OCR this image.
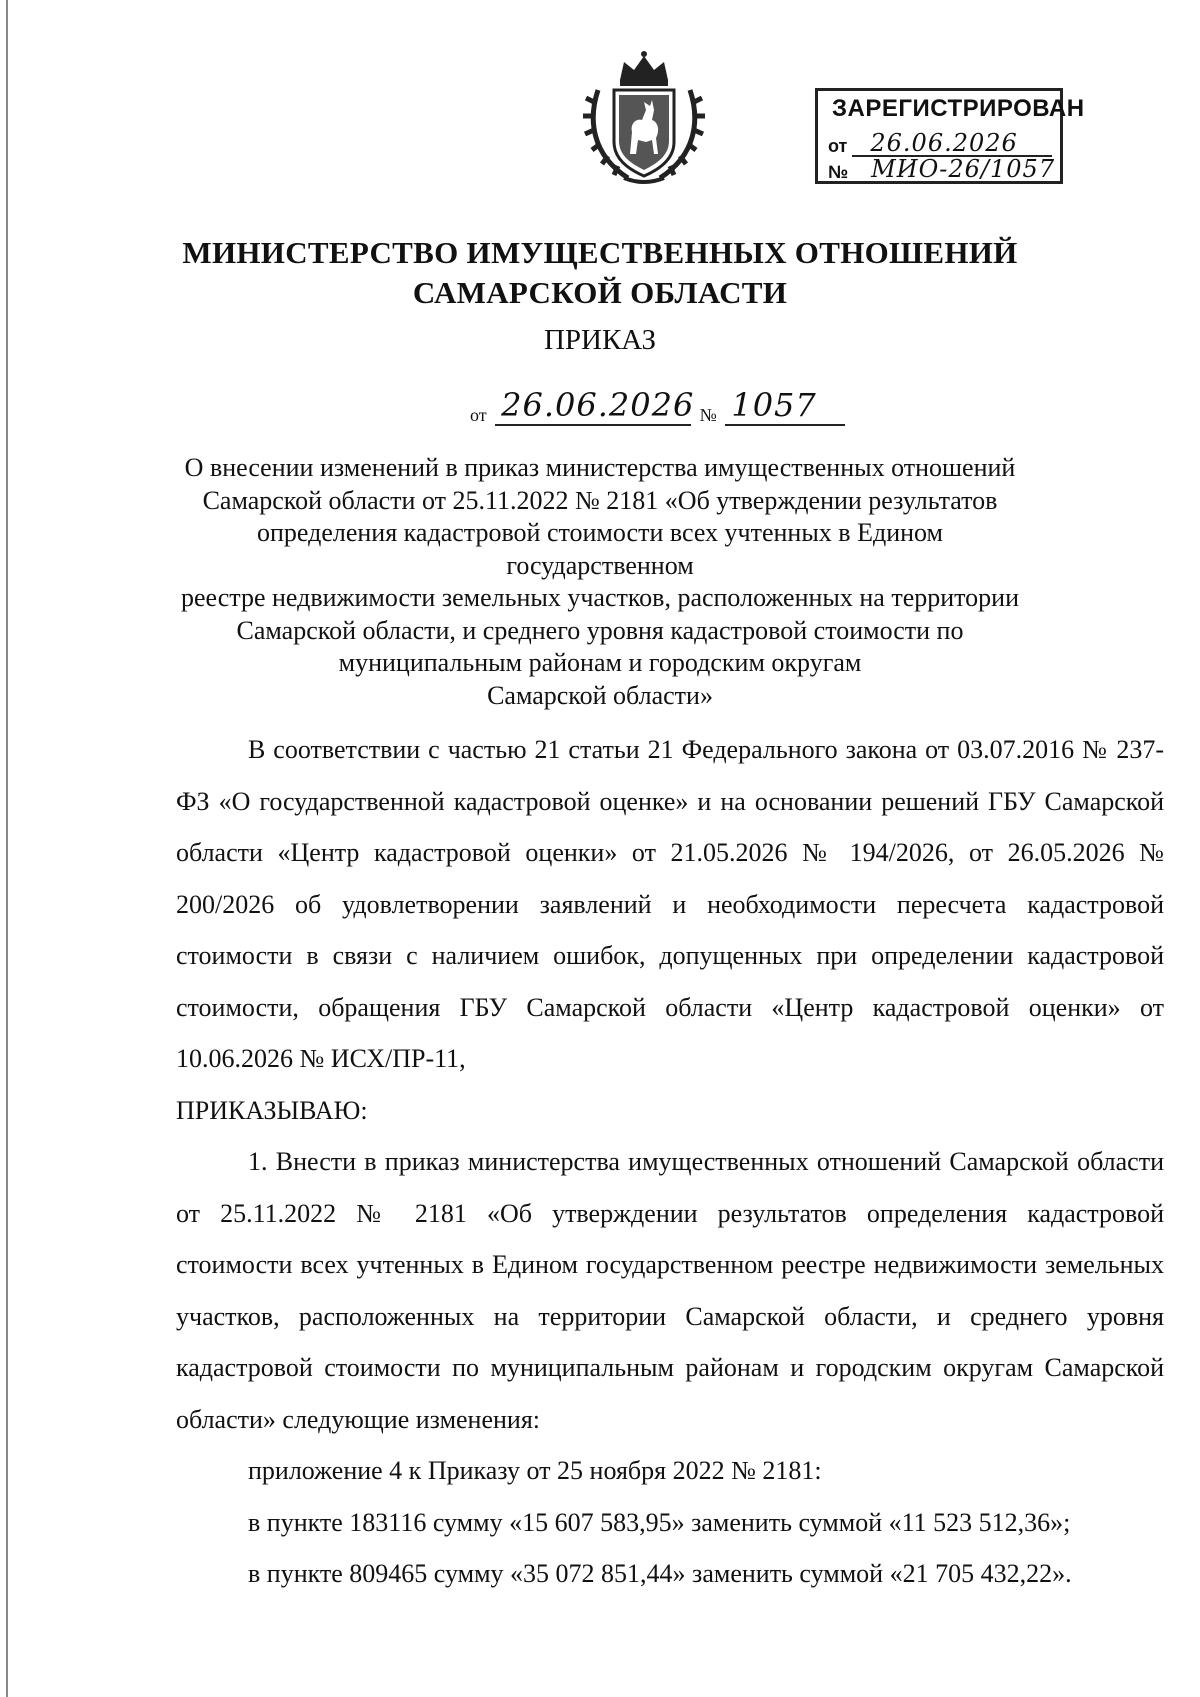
ЗАРЕГИСТРИРОВАН
от 26.06.2026
№ МИО-26/1057
МИНИСТЕРСТВО ИМУЩЕСТВЕННЫХ ОТНОШЕНИЙ
САМАРСКОЙ ОБЛАСТИ
ПРИКАЗ
от 26.06.2026 № 1057
О внесении изменений в приказ министерства имущественных отношений
Самарской области от 25.11.2022 № 2181 «Об утверждении результатов
определения кадастровой стоимости всех учтенных в Едином государственном
реестре недвижимости земельных участков, расположенных на территории
Самарской области, и среднего уровня кадастровой стоимости по
муниципальным районам и городским округам
Самарской области»

В соответствии с частью 21 статьи 21 Федерального закона от 03.07.2016 № 237-ФЗ «О государственной кадастровой оценке» и на основании решений ГБУ Самарской области «Центр кадастровой оценки» от 21.05.2026 № 194/2026, от 26.05.2026 № 200/2026 об удовлетворении заявлений и необходимости пересчета кадастровой стоимости в связи с наличием ошибок, допущенных при определении кадастровой стоимости, обращения ГБУ Самарской области «Центр кадастровой оценки» от 10.06.2026 № ИСХ/ПР-11,

ПРИКАЗЫВАЮ:

1. Внести в приказ министерства имущественных отношений Самарской области от 25.11.2022 № 2181 «Об утверждении результатов определения кадастровой стоимости всех учтенных в Едином государственном реестре недвижимости земельных участков, расположенных на территории Самарской области, и среднего уровня кадастровой стоимости по муниципальным районам и городским округам Самарской области» следующие изменения:

приложение 4 к Приказу от 25 ноября 2022 № 2181:
в пункте 183116 сумму «15 607 583,95» заменить суммой «11 523 512,36»;
в пункте 809465 сумму «35 072 851,44» заменить суммой «21 705 432,22».
